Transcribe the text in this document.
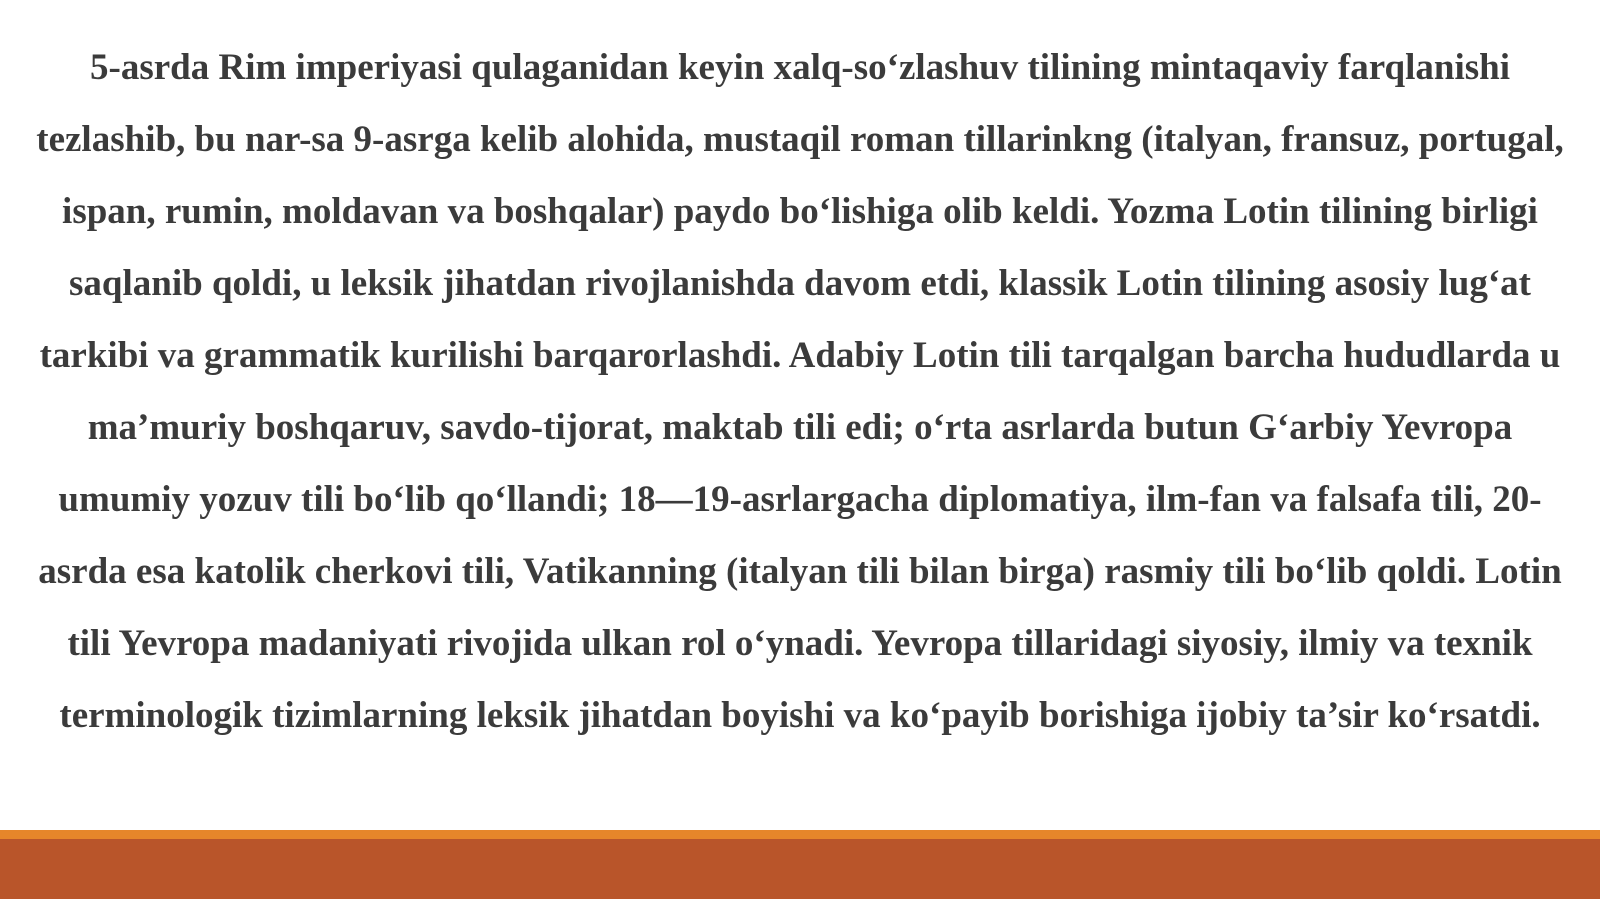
5-asrda Rim imperiyasi qulaganidan keyin xalq-so‘zlashuv tilining mintaqaviy farqlanishi tezlashib, bu nar-sa 9-asrga kelib alohida, mustaqil roman tillarinkng (italyan, fransuz, portugal, ispan, rumin, moldavan va boshqalar) paydo bo‘lishiga olib keldi. Yozma Lotin tilining birligi saqlanib qoldi, u leksik jihatdan rivojlanishda davom etdi, klassik Lotin tilining asosiy lug‘at tarkibi va grammatik kurilishi barqarorlashdi. Adabiy Lotin tili tarqalgan barcha hududlarda u ma’muriy boshqaruv, savdo-tijorat, maktab tili edi; o‘rta asrlarda butun G‘arbiy Yevropa umumiy yozuv tili bo‘lib qo‘llandi; 18—19-asrlargacha diplomatiya, ilm-fan va falsafa tili, 20-asrda esa katolik cherkovi tili, Vatikanning (italyan tili bilan birga) rasmiy tili bo‘lib qoldi. Lotin tili Yevropa madaniyati rivojida ulkan rol o‘ynadi. Yevropa tillaridagi siyosiy, ilmiy va texnik terminologik tizimlarning leksik jihatdan boyishi va ko‘payib borishiga ijobiy ta’sir ko‘rsatdi.
